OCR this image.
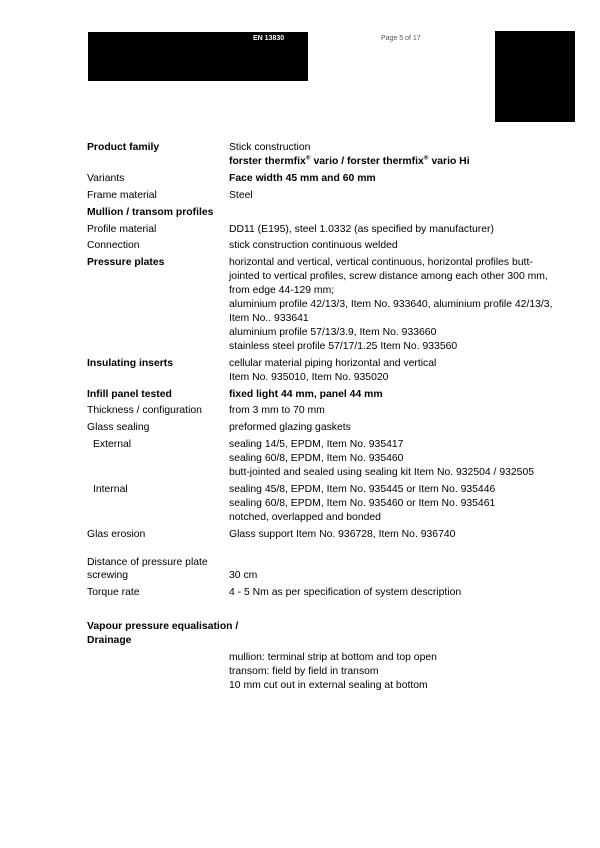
EN 13830	Page 5 of 17
Product family	Stick construction
forster thermfix® vario / forster thermfix® vario Hi
Variants	Face width 45 mm and 60 mm
Frame material	Steel
Mullion / transom profiles
Profile material	DD11 (E195), steel 1.0332 (as specified by manufacturer)
Connection	stick construction continuous welded
Pressure plates	horizontal and vertical, vertical continuous, horizontal profiles butt-
jointed to vertical profiles, screw distance among each other 300 mm,
from edge 44-129 mm;
aluminium profile 42/13/3, Item No. 933640, aluminium profile 42/13/3,
Item No.. 933641
aluminium profile 57/13/3.9, Item No. 933660
stainless steel profile 57/17/1.25 Item No. 933560
Insulating inserts	cellular material piping horizontal and vertical
Item No. 935010, Item No. 935020
Infill panel tested	fixed light 44 mm, panel 44 mm
Thickness / configuration	from 3 mm to 70 mm
Glass sealing	preformed glazing gaskets
External	sealing 14/5, EPDM, Item No. 935417
sealing 60/8, EPDM, Item No. 935460
butt-jointed and sealed using sealing kit Item No. 932504 / 932505
Internal	sealing 45/8, EPDM, Item No. 935445 or Item No. 935446
sealing 60/8, EPDM, Item No. 935460 or Item No. 935461
notched, overlapped and bonded
Glas erosion	Glass support Item No. 936728, Item No. 936740
Distance of pressure plate
screwing
	30 cm
Torque rate	4 - 5 Nm as per specification of system description
Vapour pressure equalisation /
Drainage
mullion: terminal strip at bottom and top open
transom: field by field in transom
10 mm cut out in external sealing at bottom
